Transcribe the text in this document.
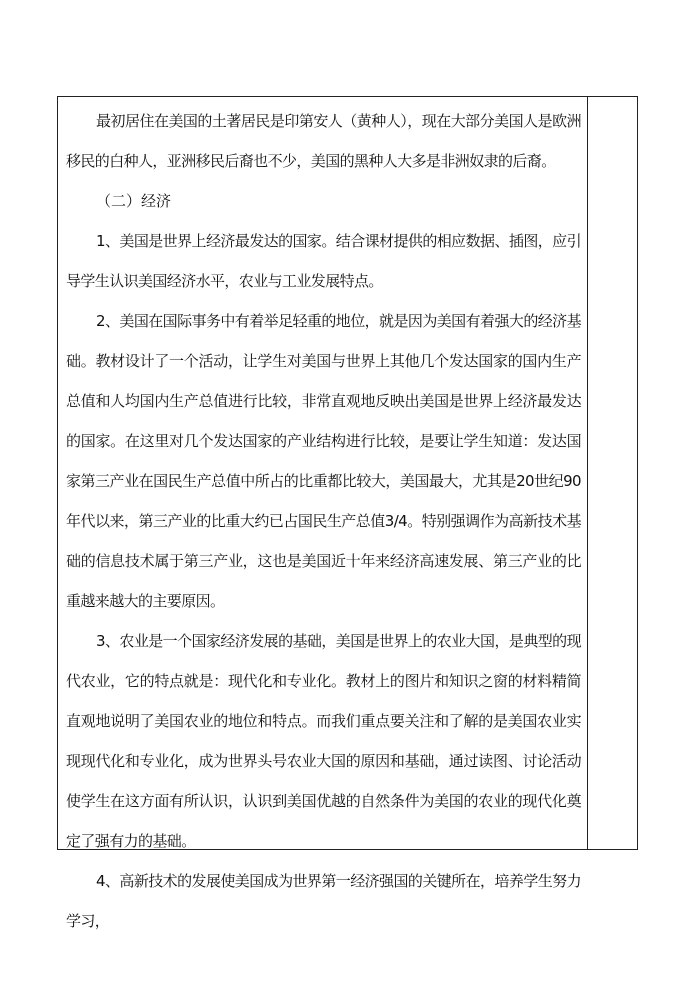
最初居住在美国的土著居民是印第安人（黄种人），现在大部分美国人是欧洲移民的白种人，亚洲移民后裔也不少，美国的黑种人大多是非洲奴隶的后裔。

（二）经济

1、美国是世界上经济最发达的国家。结合课材提供的相应数据、插图，应引导学生认识美国经济水平，农业与工业发展特点。

2、美国在国际事务中有着举足轻重的地位，就是因为美国有着强大的经济基础。教材设计了一个活动，让学生对美国与世界上其他几个发达国家的国内生产总值和人均国内生产总值进行比较，非常直观地反映出美国是世界上经济最发达的国家。在这里对几个发达国家的产业结构进行比较，是要让学生知道：发达国家第三产业在国民生产总值中所占的比重都比较大，美国最大，尤其是20世纪90年代以来，第三产业的比重大约已占国民生产总值3/4。特别强调作为高新技术基础的信息技术属于第三产业，这也是美国近十年来经济高速发展、第三产业的比重越来越大的主要原因。

3、农业是一个国家经济发展的基础，美国是世界上的农业大国，是典型的现代农业，它的特点就是：现代化和专业化。教材上的图片和知识之窗的材料精简直观地说明了美国农业的地位和特点。而我们重点要关注和了解的是美国农业实现现代化和专业化，成为世界头号农业大国的原因和基础，通过读图、讨论活动使学生在这方面有所认识，认识到美国优越的自然条件为美国的农业的现代化奠定了强有力的基础。

4、高新技术的发展使美国成为世界第一经济强国的关键所在，培养学生努力学习，
